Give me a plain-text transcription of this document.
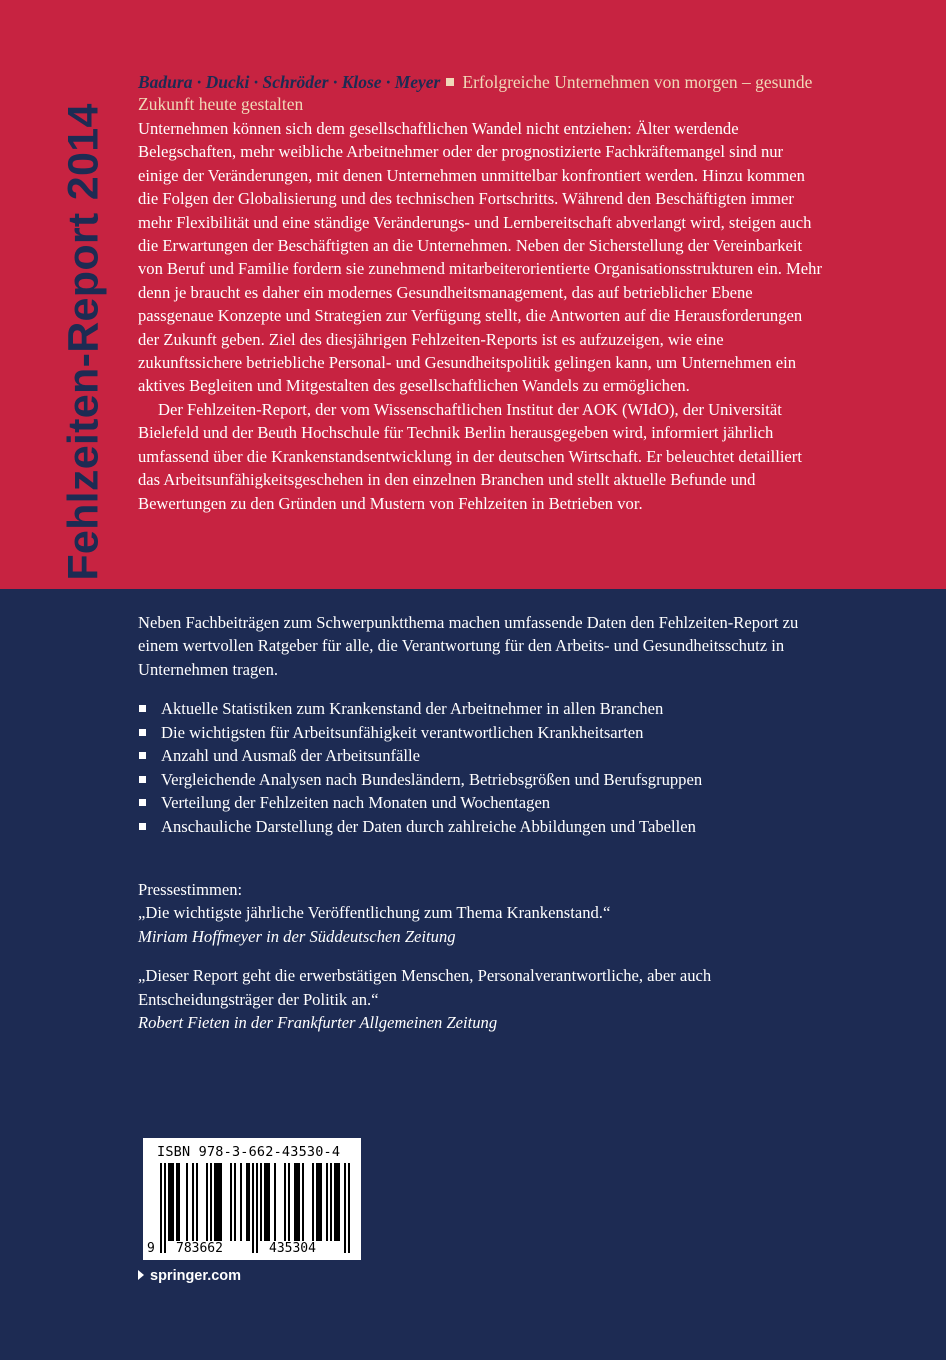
Fehlzeiten-Report 2014
Badura · Ducki · Schröder · Klose · Meyer Erfolgreiche Unternehmen von morgen – gesunde Zukunft heute gestalten

Unternehmen können sich dem gesellschaftlichen Wandel nicht entziehen: Älter werdende Belegschaften, mehr weibliche Arbeitnehmer oder der prognostizierte Fachkräftemangel sind nur einige der Veränderungen, mit denen Unternehmen unmittelbar konfrontiert werden. Hinzu kommen die Folgen der Globalisierung und des technischen Fortschritts. Während den Beschäftigten immer mehr Flexibilität und eine ständige Veränderungs- und Lernbereitschaft abverlangt wird, steigen auch die Erwartungen der Beschäftigten an die Unternehmen. Neben der Sicherstellung der Vereinbarkeit von Beruf und Familie fordern sie zunehmend mitarbeiterorientierte Organisationsstrukturen ein. Mehr denn je braucht es daher ein modernes Gesundheitsmanagement, das auf betrieblicher Ebene passgenaue Konzepte und Strategien zur Verfügung stellt, die Antworten auf die Herausforderungen der Zukunft geben. Ziel des diesjährigen Fehlzeiten-Reports ist es aufzuzeigen, wie eine zukunftssichere betriebliche Personal- und Gesundheitspolitik gelingen kann, um Unternehmen ein aktives Begleiten und Mitgestalten des gesellschaftlichen Wandels zu ermöglichen.

Der Fehlzeiten-Report, der vom Wissenschaftlichen Institut der AOK (WIdO), der Universität Bielefeld und der Beuth Hochschule für Technik Berlin herausgegeben wird, informiert jährlich umfassend über die Krankenstandsentwicklung in der deutschen Wirtschaft. Er beleuchtet detailliert das Arbeitsunfähigkeitsgeschehen in den einzelnen Branchen und stellt aktuelle Befunde und Bewertungen zu den Gründen und Mustern von Fehlzeiten in Betrieben vor.

Neben Fachbeiträgen zum Schwerpunktthema machen umfassende Daten den Fehlzeiten-Report zu einem wertvollen Ratgeber für alle, die Verantwortung für den Arbeits- und Gesundheitsschutz in Unternehmen tragen.

Aktuelle Statistiken zum Krankenstand der Arbeitnehmer in allen Branchen
Die wichtigsten für Arbeitsunfähigkeit verantwortlichen Krankheitsarten
Anzahl und Ausmaß der Arbeitsunfälle
Vergleichende Analysen nach Bundesländern, Betriebsgrößen und Berufsgruppen
Verteilung der Fehlzeiten nach Monaten und Wochentagen
Anschauliche Darstellung der Daten durch zahlreiche Abbildungen und Tabellen

Pressestimmen:

„Die wichtigste jährliche Veröffentlichung zum Thema Krankenstand.“

Miriam Hoffmeyer in der Süddeutschen Zeitung

„Dieser Report geht die erwerbstätigen Menschen, Personalverantwortliche, aber auch Entscheidungsträger der Politik an.“

Robert Fieten in der Frankfurter Allgemeinen Zeitung

ISBN 978-3-662-43530-4
9 783662	435304
springer.com
